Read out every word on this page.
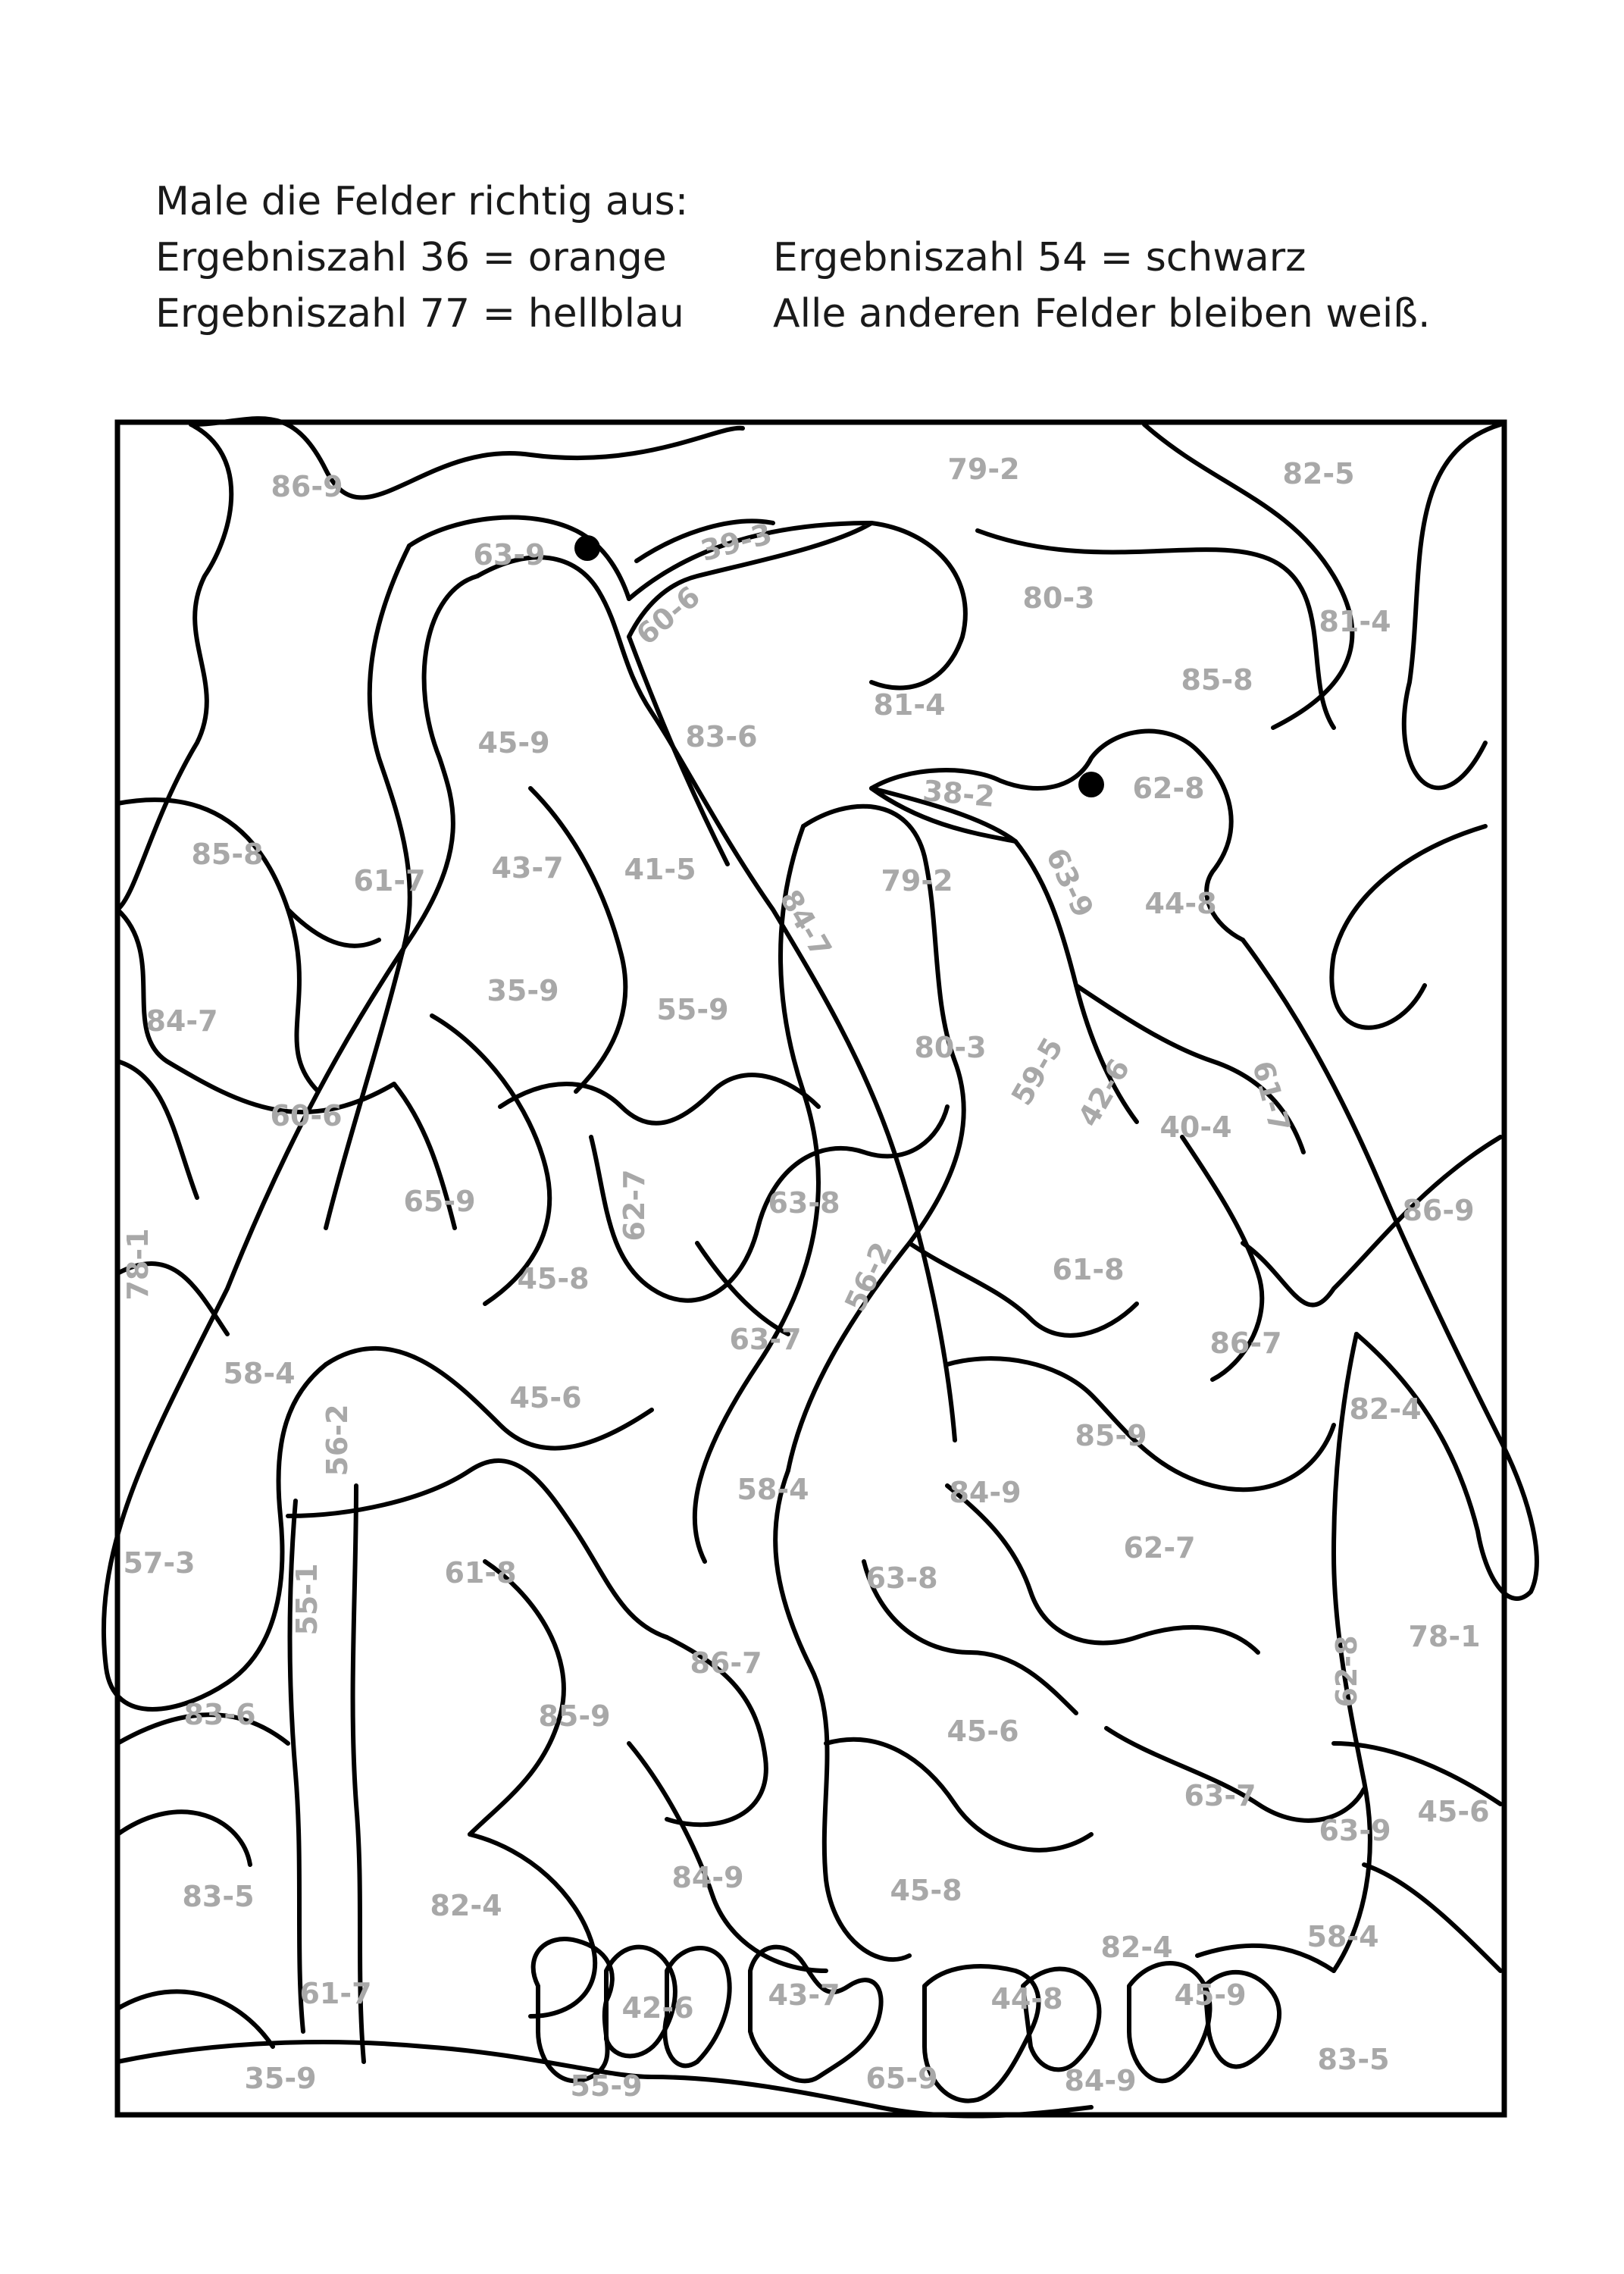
Male die Felder richtig aus:
Ergebniszahl 36 = orange	Ergebniszahl 54 = schwarz
Ergebniszahl 77 = hellblau Alle anderen Felder bleiben weiß.
86-9
63-9	39-3
79-2	82-5
60-6	80-3
81-4
85-8
81-4
45-9	83-6
38-2	62-8
85-8
61-7 43-7 41-5
84-7
79-2	63-9 44-8
35-9
55-9
84-7
80-3 59-5 42-6	61-7
60-6	40-4
62-7	86-9
65-9	63-8
78-1	45-8	56-2	61-8
58-4
63-7	86-7
45-6
56-2	82-4
85-9
58-4	84-9
57-3
55-1	61-8
62-7
63-8
78-1
62-8
86-7
83-6	85-9	45-6
63-7	45-6
63-9
83-5	82-4
84-9	45-8
58-4
82-4
61-7	42-6	43-7	44-8	45-9
35-9	55-9	65-9	84-9
83-5
